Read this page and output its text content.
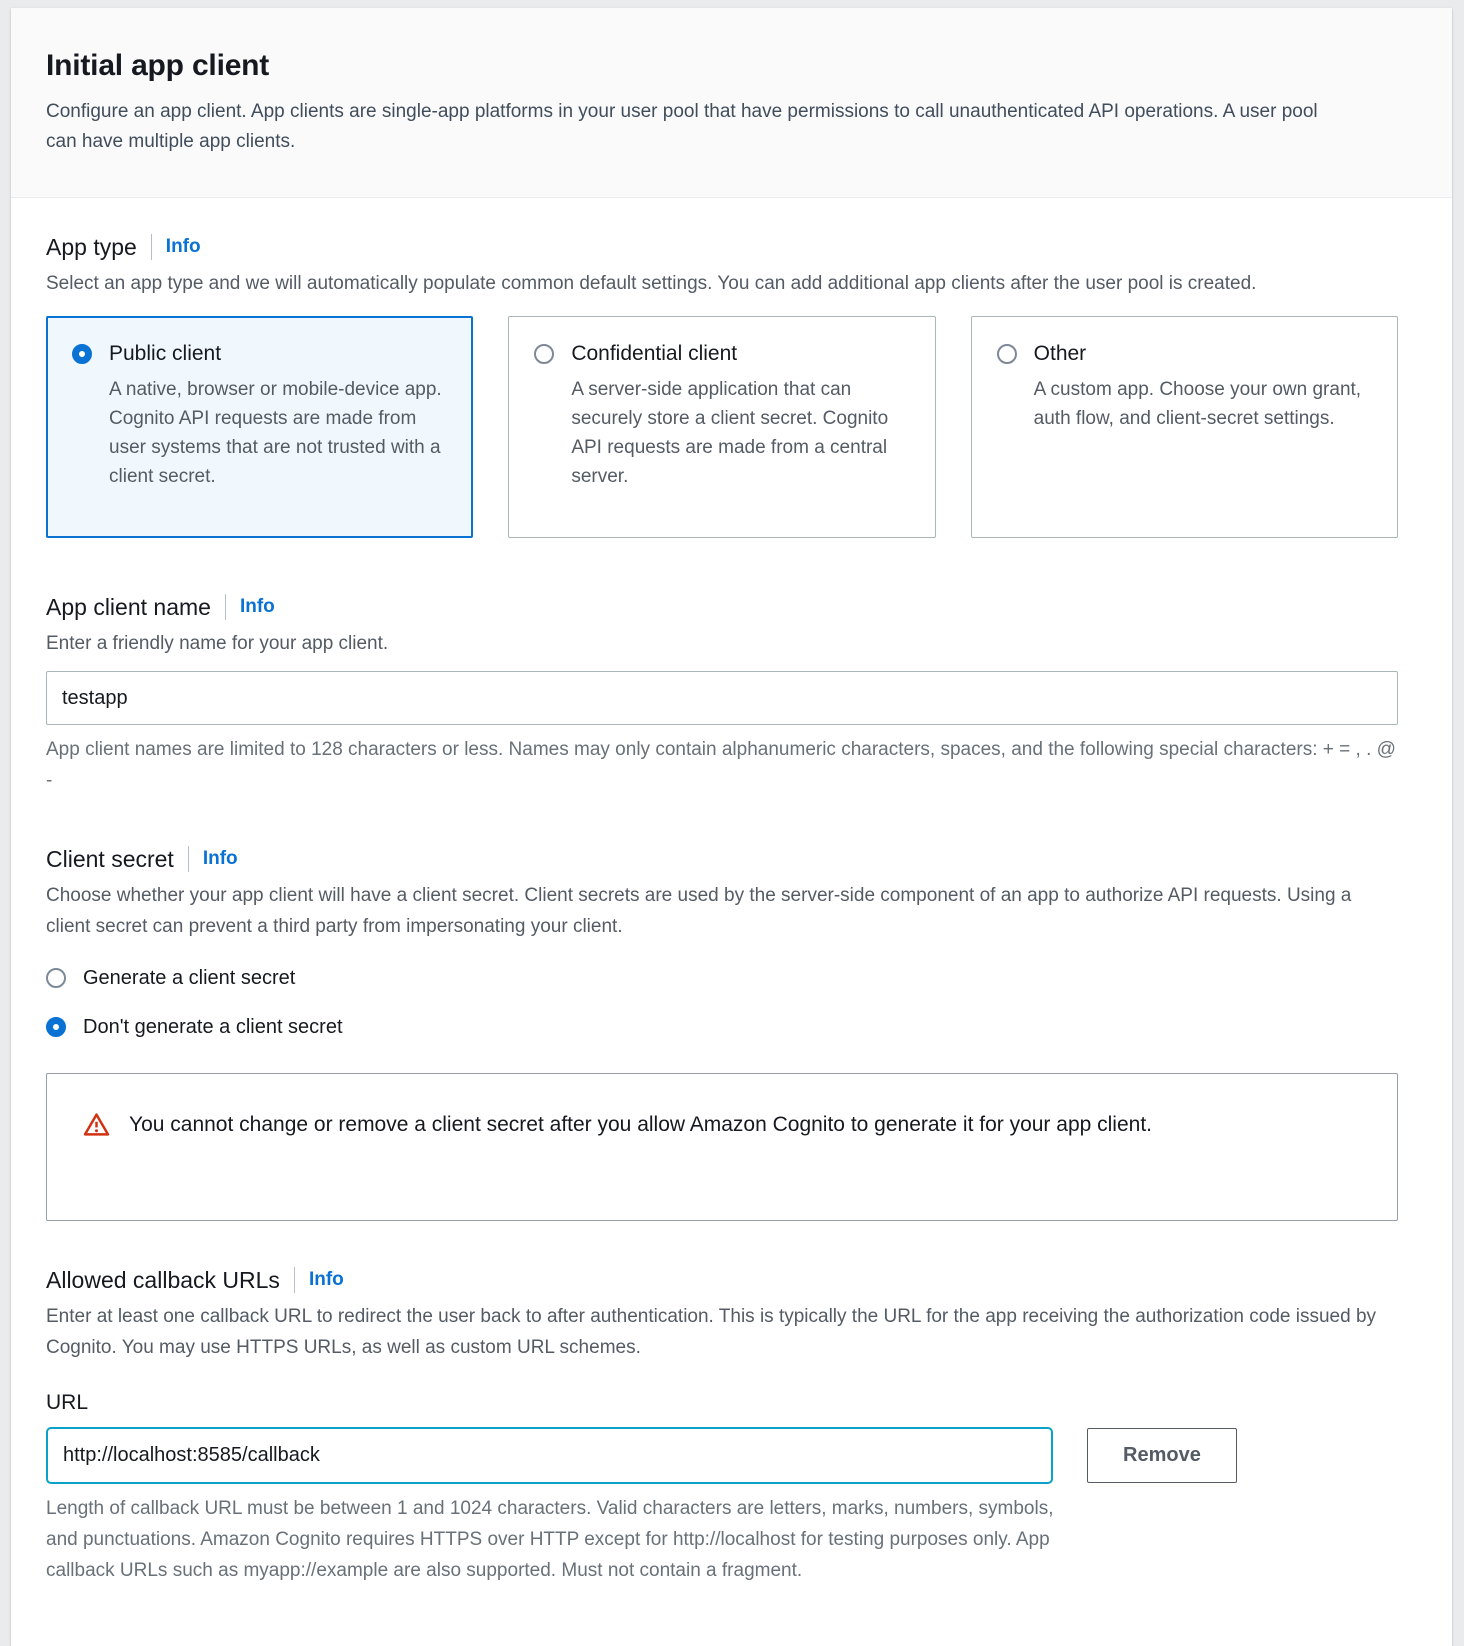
Initial app client

Configure an app client. App clients are single-app platforms in your user pool that have permissions to call unauthenticated API operations. A user pool can have multiple app clients.

App type Info

Select an app type and we will automatically populate common default settings. You can add additional app clients after the user pool is created.

Public client

A native, browser or mobile-device app. Cognito API requests are made from user systems that are not trusted with a client secret.

Confidential client

A server-side application that can securely store a client secret. Cognito API requests are made from a central server.

Other

A custom app. Choose your own grant, auth flow, and client-secret settings.

App client name Info

Enter a friendly name for your app client.

testapp
App client names are limited to 128 characters or less. Names may only contain alphanumeric characters, spaces, and the following special characters: + = , . @ -
Client secret Info

Choose whether your app client will have a client secret. Client secrets are used by the server-side component of an app to authorize API requests. Using a client secret can prevent a third party from impersonating your client.

Generate a client secret
Don't generate a client secret
You cannot change or remove a client secret after you allow Amazon Cognito to generate it for your app client.
Allowed callback URLs Info

Enter at least one callback URL to redirect the user back to after authentication. This is typically the URL for the app receiving the authorization code issued by Cognito. You may use HTTPS URLs, as well as custom URL schemes.

URL
http://localhost:8585/callback
Remove
Length of callback URL must be between 1 and 1024 characters. Valid characters are letters, marks, numbers, symbols, and punctuations. Amazon Cognito requires HTTPS over HTTP except for http://localhost for testing purposes only. App callback URLs such as myapp://example are also supported. Must not contain a fragment.
